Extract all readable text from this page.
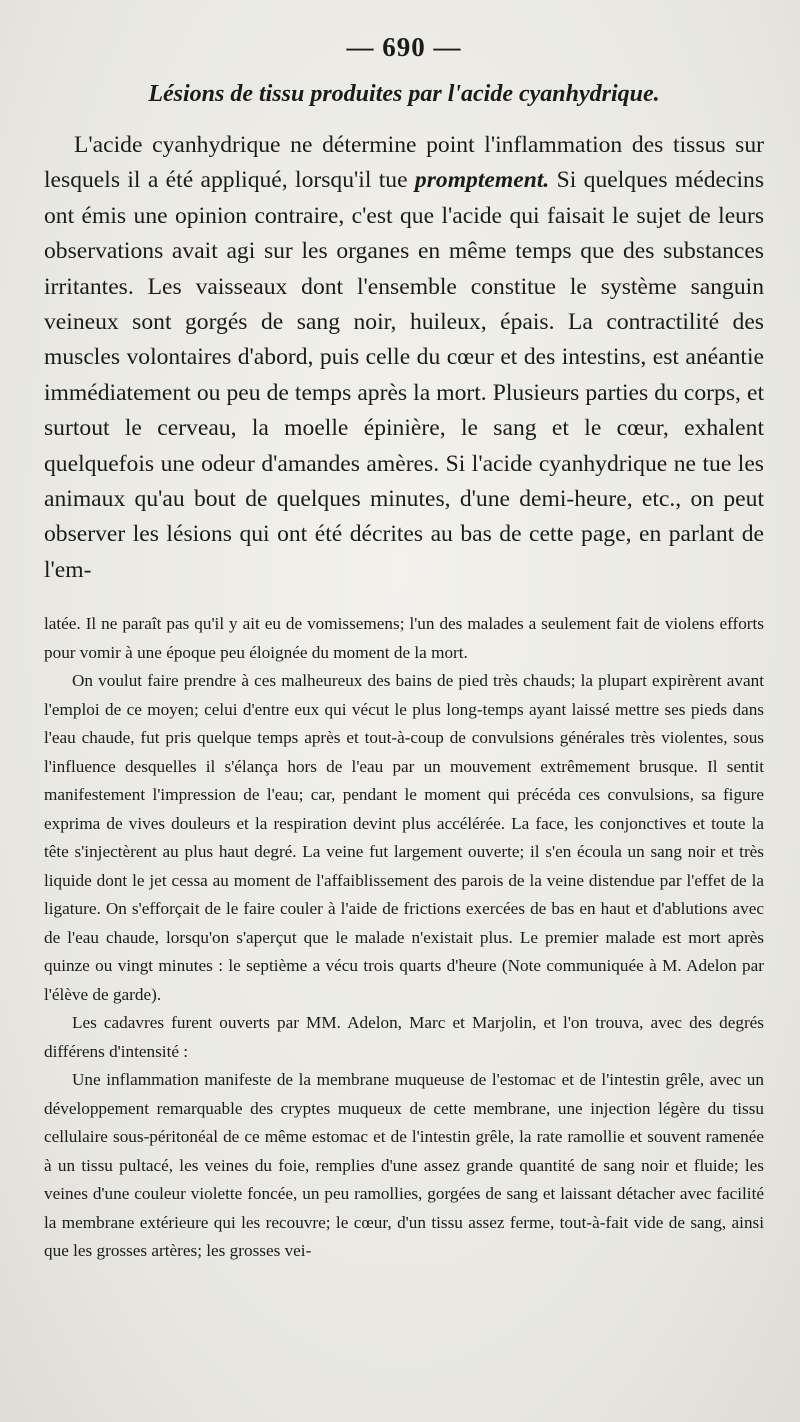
— 690 —
Lésions de tissu produites par l'acide cyanhydrique.

L'acide cyanhydrique ne détermine point l'inflammation des tissus sur lesquels il a été appliqué, lorsqu'il tue promptement. Si quelques médecins ont émis une opinion contraire, c'est que l'acide qui faisait le sujet de leurs observations avait agi sur les organes en même temps que des substances irritantes. Les vaisseaux dont l'ensemble constitue le système sanguin veineux sont gorgés de sang noir, huileux, épais. La contractilité des muscles volontaires d'abord, puis celle du cœur et des intestins, est anéantie immédiatement ou peu de temps après la mort. Plusieurs parties du corps, et surtout le cerveau, la moelle épinière, le sang et le cœur, exhalent quelquefois une odeur d'amandes amères. Si l'acide cyanhydrique ne tue les animaux qu'au bout de quelques minutes, d'une demi-heure, etc., on peut observer les lésions qui ont été décrites au bas de cette page, en parlant de l'em-

latée. Il ne paraît pas qu'il y ait eu de vomissemens; l'un des malades a seulement fait de violens efforts pour vomir à une époque peu éloignée du moment de la mort.

On voulut faire prendre à ces malheureux des bains de pied très chauds; la plupart expirèrent avant l'emploi de ce moyen; celui d'entre eux qui vécut le plus long-temps ayant laissé mettre ses pieds dans l'eau chaude, fut pris quelque temps après et tout-à-coup de convulsions générales très violentes, sous l'influence desquelles il s'élança hors de l'eau par un mouvement extrêmement brusque. Il sentit manifestement l'impression de l'eau; car, pendant le moment qui précéda ces convulsions, sa figure exprima de vives douleurs et la respiration devint plus accélérée. La face, les conjonctives et toute la tête s'injectèrent au plus haut degré. La veine fut largement ouverte; il s'en écoula un sang noir et très liquide dont le jet cessa au moment de l'affaiblissement des parois de la veine distendue par l'effet de la ligature. On s'efforçait de le faire couler à l'aide de frictions exercées de bas en haut et d'ablutions avec de l'eau chaude, lorsqu'on s'aperçut que le malade n'existait plus. Le premier malade est mort après quinze ou vingt minutes : le septième a vécu trois quarts d'heure (Note communiquée à M. Adelon par l'élève de garde).

Les cadavres furent ouverts par MM. Adelon, Marc et Marjolin, et l'on trouva, avec des degrés différens d'intensité :

Une inflammation manifeste de la membrane muqueuse de l'estomac et de l'intestin grêle, avec un développement remarquable des cryptes muqueux de cette membrane, une injection légère du tissu cellulaire sous-péritonéal de ce même estomac et de l'intestin grêle, la rate ramollie et souvent ramenée à un tissu pultacé, les veines du foie, remplies d'une assez grande quantité de sang noir et fluide; les veines d'une couleur violette foncée, un peu ramollies, gorgées de sang et laissant détacher avec facilité la membrane extérieure qui les recouvre; le cœur, d'un tissu assez ferme, tout-à-fait vide de sang, ainsi que les grosses artères; les grosses vei-
